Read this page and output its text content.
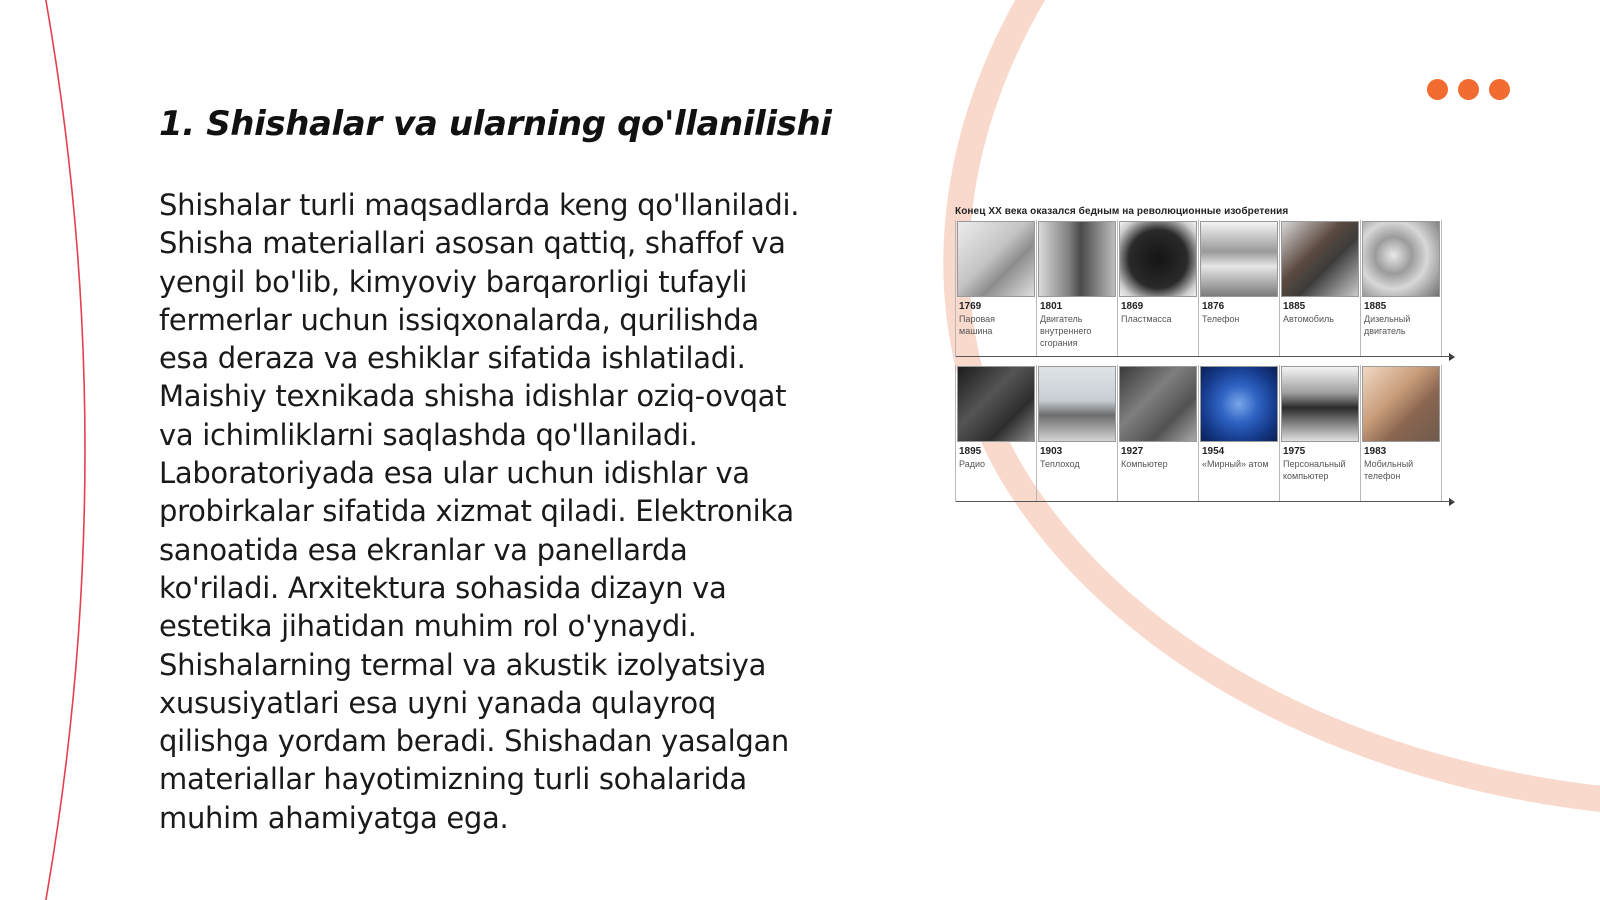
1. Shishalar va ularning qo'llanilishi
Shishalar turli maqsadlarda keng qo'llaniladi.
Shisha materiallari asosan qattiq, shaffof va
yengil bo'lib, kimyoviy barqarorligi tufayli
fermerlar uchun issiqxonalarda, qurilishda
esa deraza va eshiklar sifatida ishlatiladi.
Maishiy texnikada shisha idishlar oziq-ovqat
va ichimliklarni saqlashda qo'llaniladi.
Laboratoriyada esa ular uchun idishlar va
probirkalar sifatida xizmat qiladi. Elektronika
sanoatida esa ekranlar va panellarda
ko'riladi. Arxitektura sohasida dizayn va
estetika jihatidan muhim rol o'ynaydi.
Shishalarning termal va akustik izolyatsiya
xususiyatlari esa uyni yanada qulayroq
qilishga yordam beradi. Shishadan yasalgan
materiallar hayotimizning turli sohalarida
muhim ahamiyatga ega.
Конец XX века оказался бедным на революционные изобретения
1769
Паровая
машина
1801
Двигатель
внутреннего
сгорания
1869
Пластмасса
1876
Телефон
1885
Автомобиль
1885
Дизельный
двигатель
1895
Радио
1903
Теплоход
1927
Компьютер
1954
«Мирный» атом
1975
Персональный
компьютер
1983
Мобильный
телефон
